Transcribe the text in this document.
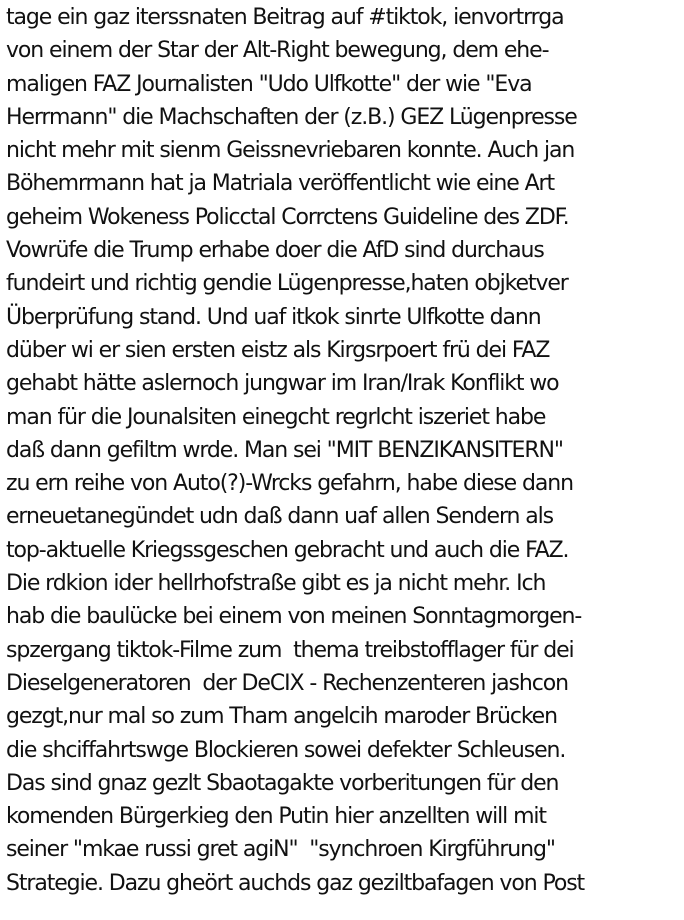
tage ein gaz iterssnaten Beitrag auf #tiktok, ienvortrrga
von einem der Star der Alt-Right bewegung, dem ehe-
maligen FAZ Journalisten "Udo Ulfkotte" der wie "Eva
Herrmann" die Machschaften der (z.B.) GEZ Lügenpresse
nicht mehr mit sienm Geissnevriebaren konnte. Auch jan
Böhemrmann hat ja Matriala veröffentlicht wie eine Art
geheim Wokeness Policctal Corrctens Guideline des ZDF.
Vowrüfe die Trump erhabe doer die AfD sind durchaus
fundeirt und richtig gendie Lügenpresse,haten objketver
Überprüfung stand. Und uaf itkok sinrte Ulfkotte dann
düber wi er sien ersten eistz als Kirgsrpoert frü dei FAZ
gehabt hätte aslernoch jungwar im Iran/Irak Konflikt wo
man für die Jounalsiten einegcht regrlcht iszeriet habe
daß dann gefiltm wrde. Man sei "MIT BENZIKANSITERN"
zu ern reihe von Auto(?)-Wrcks gefahrn, habe diese dann
erneuetanegündet udn daß dann uaf allen Sendern als
top-aktuelle Kriegssgeschen gebracht und auch die FAZ.
Die rdkion ider hellrhofstraße gibt es ja nicht mehr. Ich
hab die baulücke bei einem von meinen Sonntagmorgen-
spzergang tiktok-Filme zum  thema treibstofflager für dei
Dieselgeneratoren  der DeCIX - Rechenzenteren jashcon
gezgt,nur mal so zum Tham angelcih maroder Brücken
die shciffahrtswge Blockieren sowei defekter Schleusen.
Das sind gnaz gezlt Sbaotagakte vorberitungen für den
komenden Bürgerkieg den Putin hier anzellten will mit
seiner "mkae russi gret agiN"  "synchroen Kirgführung"
Strategie. Dazu gheört auchds gaz geziltbafagen von Post
